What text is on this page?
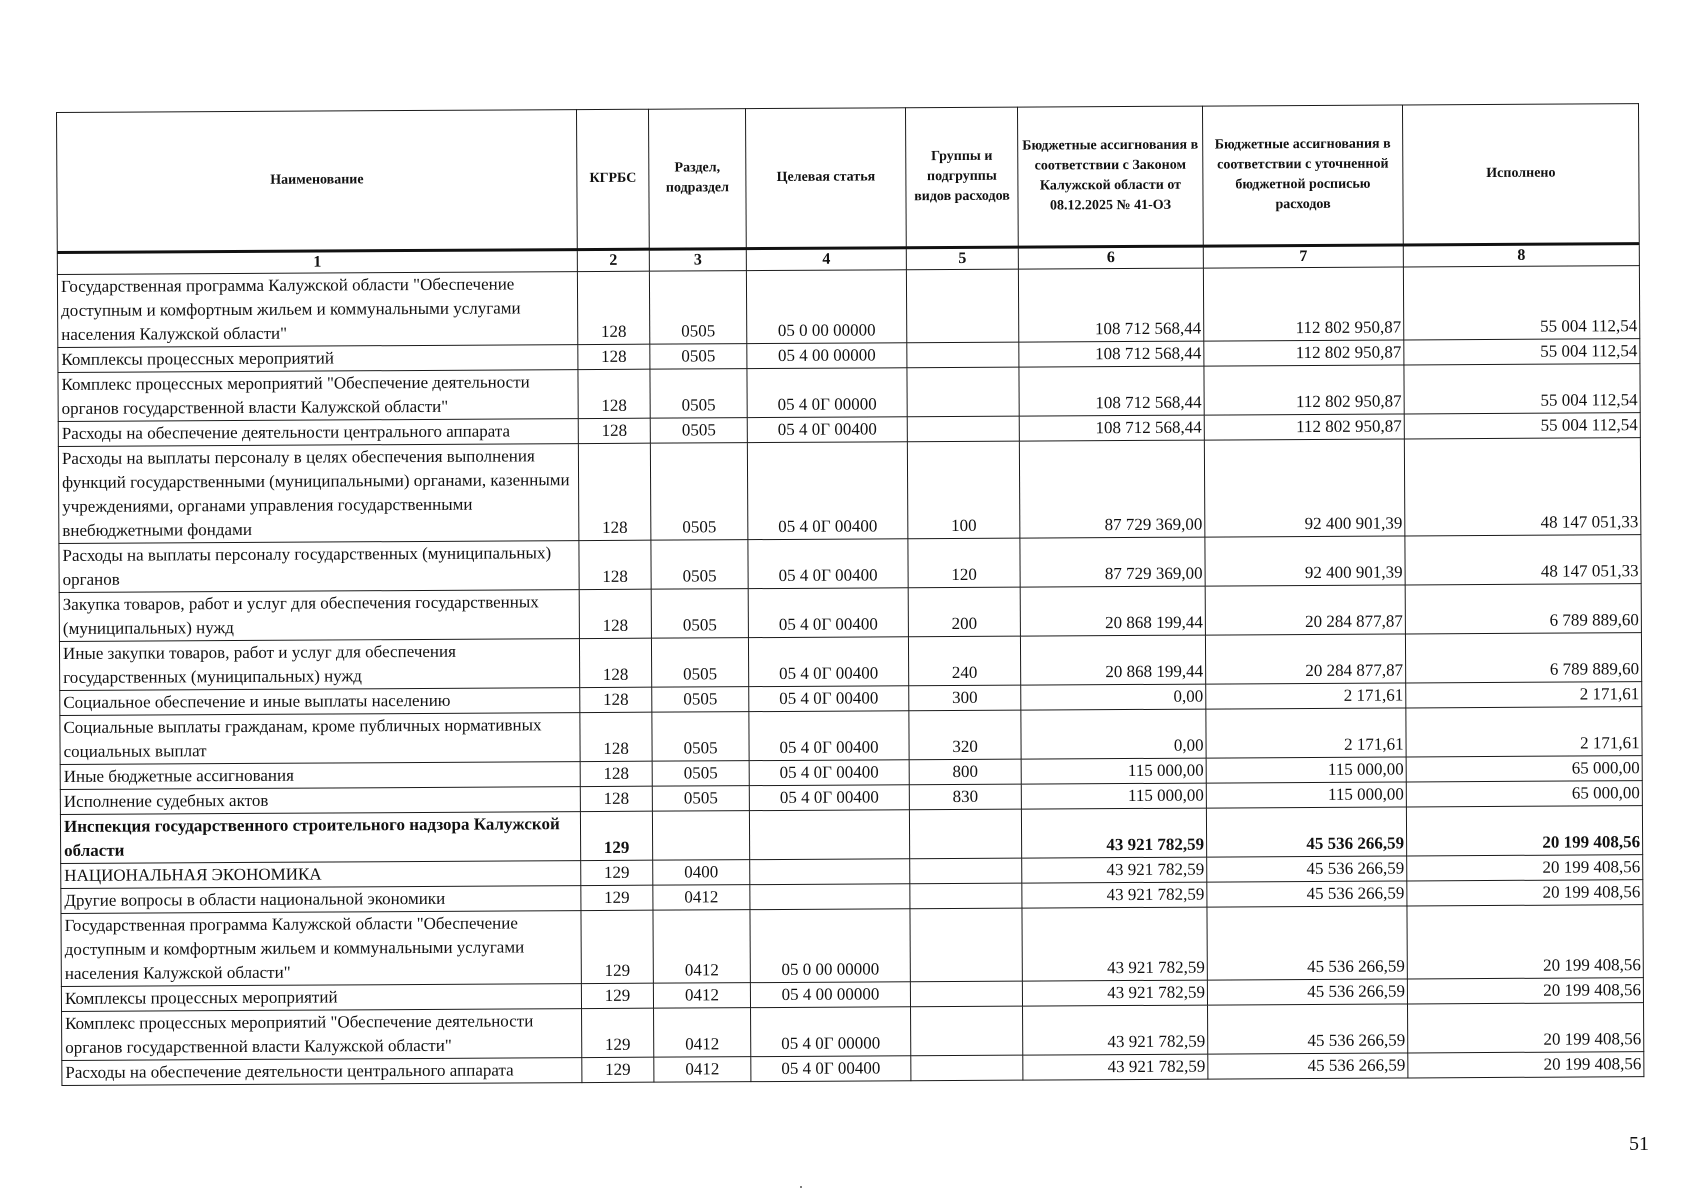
Наименование	КГРБС	Раздел, подраздел	Целевая статья	Группы и подгруппы видов расходов	Бюджетные ассигнования в соответствии с Законом Калужской области от 08.12.2025 № 41-ОЗ	Бюджетные ассигнования в соответствии с уточненной бюджетной росписью расходов	Исполнено
1	2	3	4	5	6	7	8
Государственная программа Калужской области "Обеспечение доступным и комфортным жильем и коммунальными услугами населения Калужской области"	128	0505	05 0 00 00000		108 712 568,44	112 802 950,87	55 004 112,54
Комплексы процессных мероприятий	128	0505	05 4 00 00000		108 712 568,44	112 802 950,87	55 004 112,54
Комплекс процессных мероприятий "Обеспечение деятельности органов государственной власти Калужской области"	128	0505	05 4 0Г 00000		108 712 568,44	112 802 950,87	55 004 112,54
Расходы на обеспечение деятельности центрального аппарата	128	0505	05 4 0Г 00400		108 712 568,44	112 802 950,87	55 004 112,54
Расходы на выплаты персоналу в целях обеспечения выполнения функций государственными (муниципальными) органами, казенными учреждениями, органами управления государственными внебюджетными фондами	128	0505	05 4 0Г 00400	100	87 729 369,00	92 400 901,39	48 147 051,33
Расходы на выплаты персоналу государственных (муниципальных) органов	128	0505	05 4 0Г 00400	120	87 729 369,00	92 400 901,39	48 147 051,33
Закупка товаров, работ и услуг для обеспечения государственных (муниципальных) нужд	128	0505	05 4 0Г 00400	200	20 868 199,44	20 284 877,87	6 789 889,60
Иные закупки товаров, работ и услуг для обеспечения государственных (муниципальных) нужд	128	0505	05 4 0Г 00400	240	20 868 199,44	20 284 877,87	6 789 889,60
Социальное обеспечение и иные выплаты населению	128	0505	05 4 0Г 00400	300	0,00	2 171,61	2 171,61
Социальные выплаты гражданам, кроме публичных нормативных социальных выплат	128	0505	05 4 0Г 00400	320	0,00	2 171,61	2 171,61
Иные бюджетные ассигнования	128	0505	05 4 0Г 00400	800	115 000,00	115 000,00	65 000,00
Исполнение судебных актов	128	0505	05 4 0Г 00400	830	115 000,00	115 000,00	65 000,00
Инспекция государственного строительного надзора Калужской области	129				43 921 782,59	45 536 266,59	20 199 408,56
НАЦИОНАЛЬНАЯ ЭКОНОМИКА	129	0400			43 921 782,59	45 536 266,59	20 199 408,56
Другие вопросы в области национальной экономики	129	0412			43 921 782,59	45 536 266,59	20 199 408,56
Государственная программа Калужской области "Обеспечение доступным и комфортным жильем и коммунальными услугами населения Калужской области"	129	0412	05 0 00 00000		43 921 782,59	45 536 266,59	20 199 408,56
Комплексы процессных мероприятий	129	0412	05 4 00 00000		43 921 782,59	45 536 266,59	20 199 408,56
Комплекс процессных мероприятий "Обеспечение деятельности органов государственной власти Калужской области"	129	0412	05 4 0Г 00000		43 921 782,59	45 536 266,59	20 199 408,56
Расходы на обеспечение деятельности центрального аппарата	129	0412	05 4 0Г 00400		43 921 782,59	45 536 266,59	20 199 408,56
51
